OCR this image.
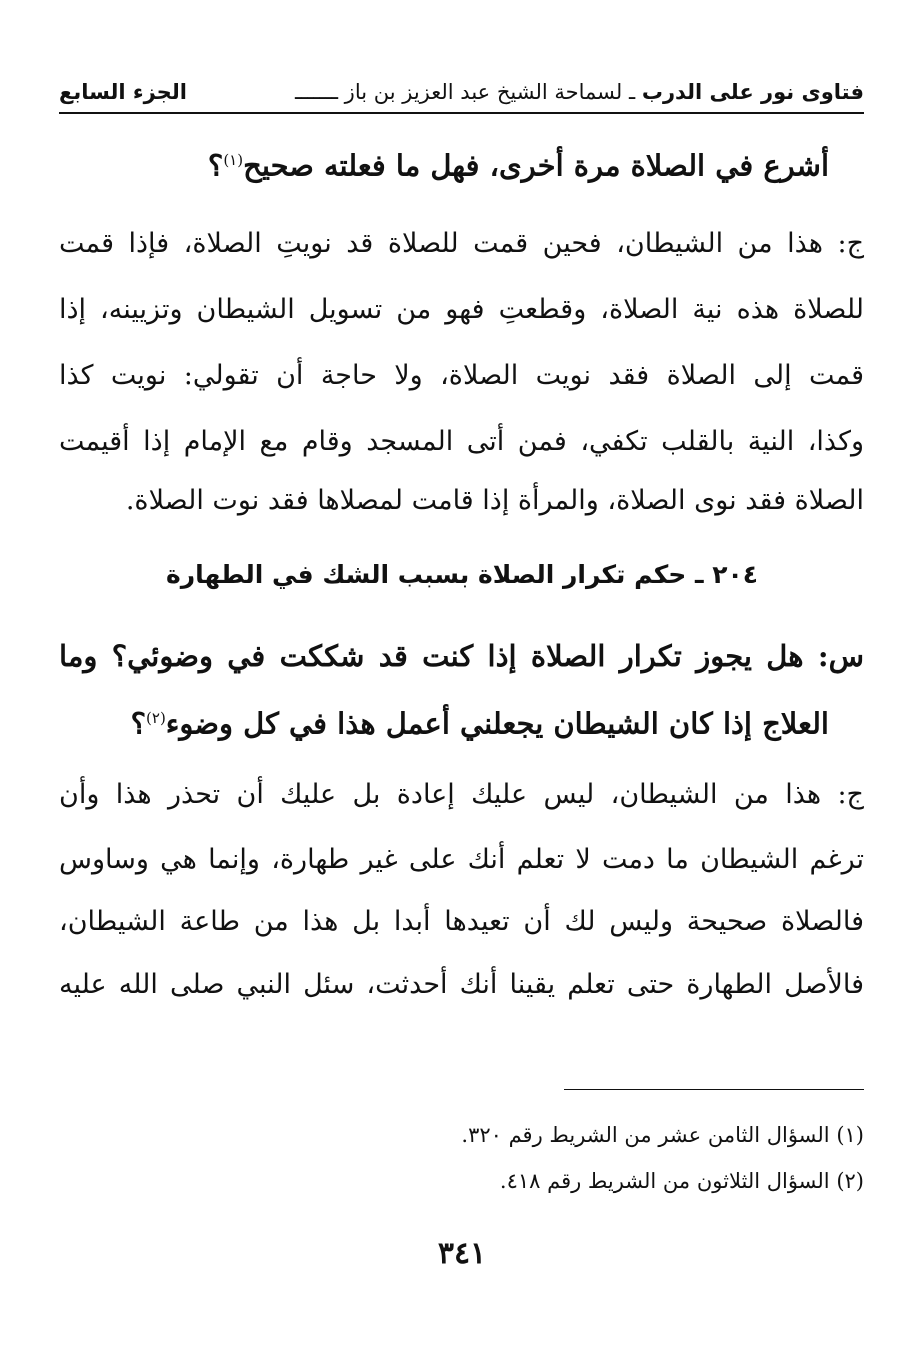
فتاوى نور على الدرب ـ لسماحة الشيخ عبد العزيز بن باز ـــــــ
الجزء السابع
أشرع في الصلاة مرة أخرى، فهل ما فعلته صحيح$^{(١)}$؟
ج: هذا من الشيطان، فحين قمت للصلاة قد نويتِ الصلاة، فإذا قمت
للصلاة هذه نية الصلاة، وقطعتِ فهو من تسويل الشيطان وتزيينه، إذا
قمت إلى الصلاة فقد نويت الصلاة، ولا حاجة أن تقولي: نويت كذا
وكذا، النية بالقلب تكفي، فمن أتى المسجد وقام مع الإمام إذا أقيمت
الصلاة فقد نوى الصلاة، والمرأة إذا قامت لمصلاها فقد نوت الصلاة.
٢٠٤ ـ حكم تكرار الصلاة بسبب الشك في الطهارة
س: هل يجوز تكرار الصلاة إذا كنت قد شككت في وضوئي؟ وما
العلاج إذا كان الشيطان يجعلني أعمل هذا في كل وضوء$^{(٢)}$؟
ج: هذا من الشيطان، ليس عليك إعادة بل عليك أن تحذر هذا وأن
ترغم الشيطان ما دمت لا تعلم أنك على غير طهارة، وإنما هي وساوس
فالصلاة صحيحة وليس لك أن تعيدها أبدا بل هذا من طاعة الشيطان،
فالأصل الطهارة حتى تعلم يقينا أنك أحدثت، سئل النبي صلى الله عليه
(١) السؤال الثامن عشر من الشريط رقم ٣٢٠.
(٢) السؤال الثلاثون من الشريط رقم ٤١٨.
٣٤١
